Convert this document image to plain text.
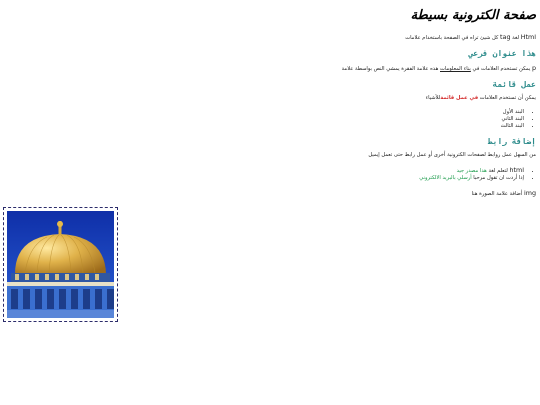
صفحة الكترونية بسيطة

Html لغة tag كل شيئ تراه في الصفحة باستخدام علامات

هذا عنوان فرعي

p يمكن تستخدم العلامات في بناء المعلومات هذه علامة الفقرة يمشي النص بواسطة علامة

عمل قائمة

يمكن أن تستخدم العلامات في عمل قائمةللأشياء

• البند الأول
• البند الثاني
• البند الثالث
إضافة رابط

من السهل عمل روابط لصفحات الكترونية أخرى أو عمل رابط حتى تعمل إيميل

• html لتعلم لغة هذا مصدر جيد
• إذا أردت ان تقول مرحبا أرسلي بالبريد الالكتروني

img أضافة علامة الصورة هنا
